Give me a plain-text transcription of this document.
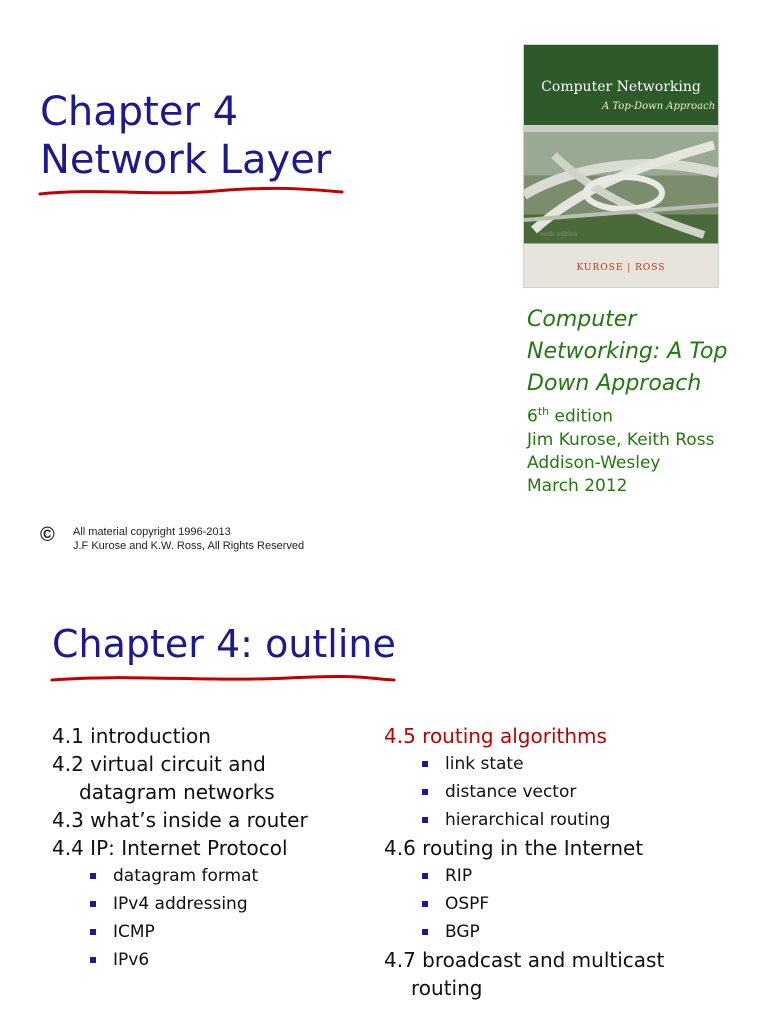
Chapter 4
Network Layer
Computer Networking
A Top-Down Approach
sixth edition
KUROSE | ROSS
Computer
Networking: A Top
Down Approach
6th edition
Jim Kurose, Keith Ross
Addison-Wesley
March 2012
© All material copyright 1996-2013
J.F Kurose and K.W. Ross, All Rights Reserved
Chapter 4: outline
4.1 introduction
4.2 virtual circuit and
datagram networks
4.3 what’s inside a router
4.4 IP: Internet Protocol
datagram format
IPv4 addressing
ICMP
IPv6
4.5 routing algorithms
link state
distance vector
hierarchical routing
4.6 routing in the Internet
RIP
OSPF
BGP
4.7 broadcast and multicast
routing
